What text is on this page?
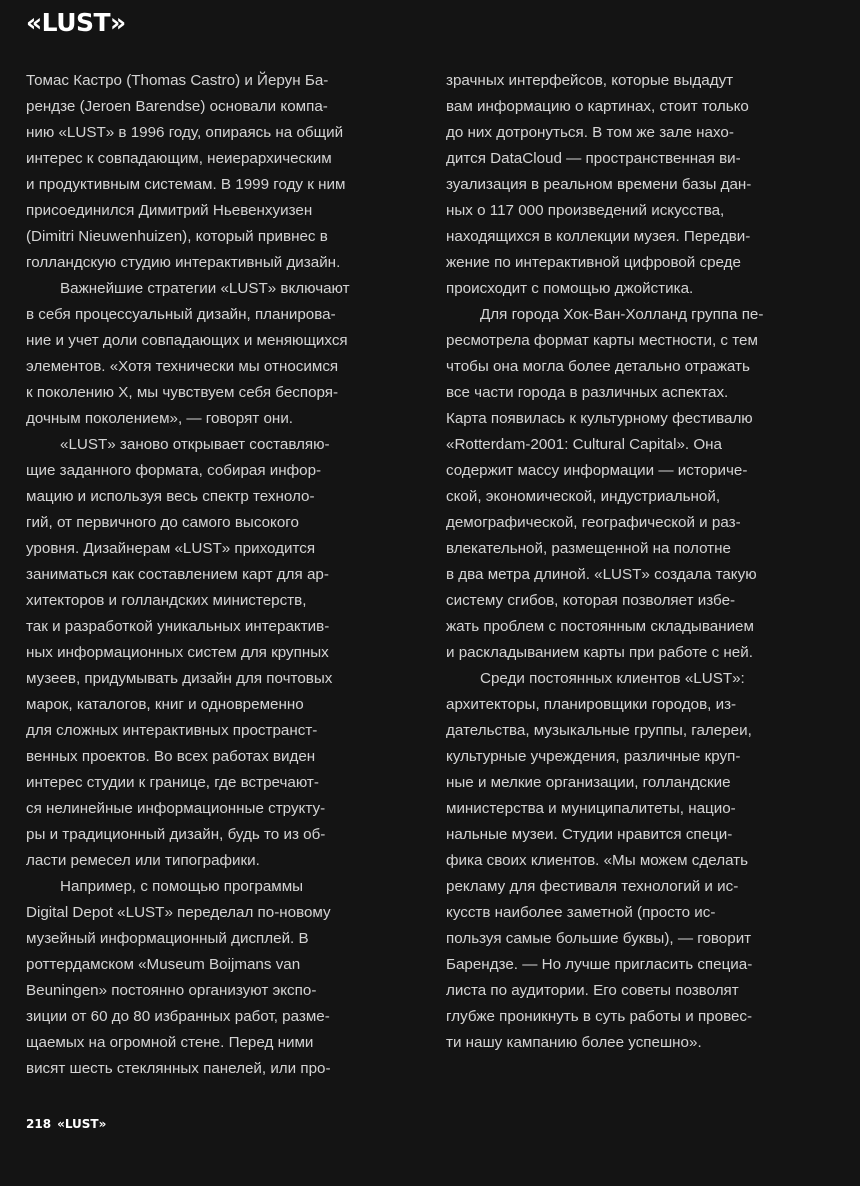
«LUST»
Томас Кастро (Thomas Castro) и Йерун Ба-
рендзе (Jeroen Barendse) основали компа-
нию «LUST» в 1996 году, опираясь на общий
интерес к совпадающим, неиерархическим
и продуктивным системам. В 1999 году к ним
присоединился Димитрий Ньевенхуизен
(Dimitri Nieuwenhuizen), который привнес в
голландскую студию интерактивный дизайн.
Важнейшие стратегии «LUST» включают
в себя процессуальный дизайн, планирова-
ние и учет доли совпадающих и меняющихся
элементов. «Хотя технически мы относимся
к поколению X, мы чувствуем себя беспоря-
дочным поколением», — говорят они.
«LUST» заново открывает составляю-
щие заданного формата, собирая инфор-
мацию и используя весь спектр техноло-
гий, от первичного до самого высокого
уровня. Дизайнерам «LUST» приходится
заниматься как составлением карт для ар-
хитекторов и голландских министерств,
так и разработкой уникальных интерактив-
ных информационных систем для крупных
музеев, придумывать дизайн для почтовых
марок, каталогов, книг и одновременно
для сложных интерактивных пространст-
венных проектов. Во всех работах виден
интерес студии к границе, где встречают-
ся нелинейные информационные структу-
ры и традиционный дизайн, будь то из об-
ласти ремесел или типографики.
Например, с помощью программы
Digital Depot «LUST» переделал по-новому
музейный информационный дисплей. В
роттердамском «Museum Boijmans van
Beuningen» постоянно организуют экспо-
зиции от 60 до 80 избранных работ, разме-
щаемых на огромной стене. Перед ними
висят шесть стеклянных панелей, или про-
зрачных интерфейсов, которые выдадут
вам информацию о картинах, стоит только
до них дотронуться. В том же зале нахо-
дится DataCloud — пространственная ви-
зуализация в реальном времени базы дан-
ных о 117 000 произведений искусства,
находящихся в коллекции музея. Передви-
жение по интерактивной цифровой среде
происходит с помощью джойстика.
Для города Хок-Ван-Холланд группа пе-
ресмотрела формат карты местности, с тем
чтобы она могла более детально отражать
все части города в различных аспектах.
Карта появилась к культурному фестивалю
«Rotterdam-2001: Cultural Capital». Она
содержит массу информации — историче-
ской, экономической, индустриальной,
демографической, географической и раз-
влекательной, размещенной на полотне
в два метра длиной. «LUST» создала такую
систему сгибов, которая позволяет избе-
жать проблем с постоянным складыванием
и раскладыванием карты при работе с ней.
Среди постоянных клиентов «LUST»:
архитекторы, планировщики городов, из-
дательства, музыкальные группы, галереи,
культурные учреждения, различные круп-
ные и мелкие организации, голландские
министерства и муниципалитеты, нацио-
нальные музеи. Студии нравится специ-
фика своих клиентов. «Мы можем сделать
рекламу для фестиваля технологий и ис-
кусств наиболее заметной (просто ис-
пользуя самые большие буквы), — говорит
Барендзе. — Но лучше пригласить специа-
листа по аудитории. Его советы позволят
глубже проникнуть в суть работы и провес-
ти нашу кампанию более успешно».
218 «LUST»
